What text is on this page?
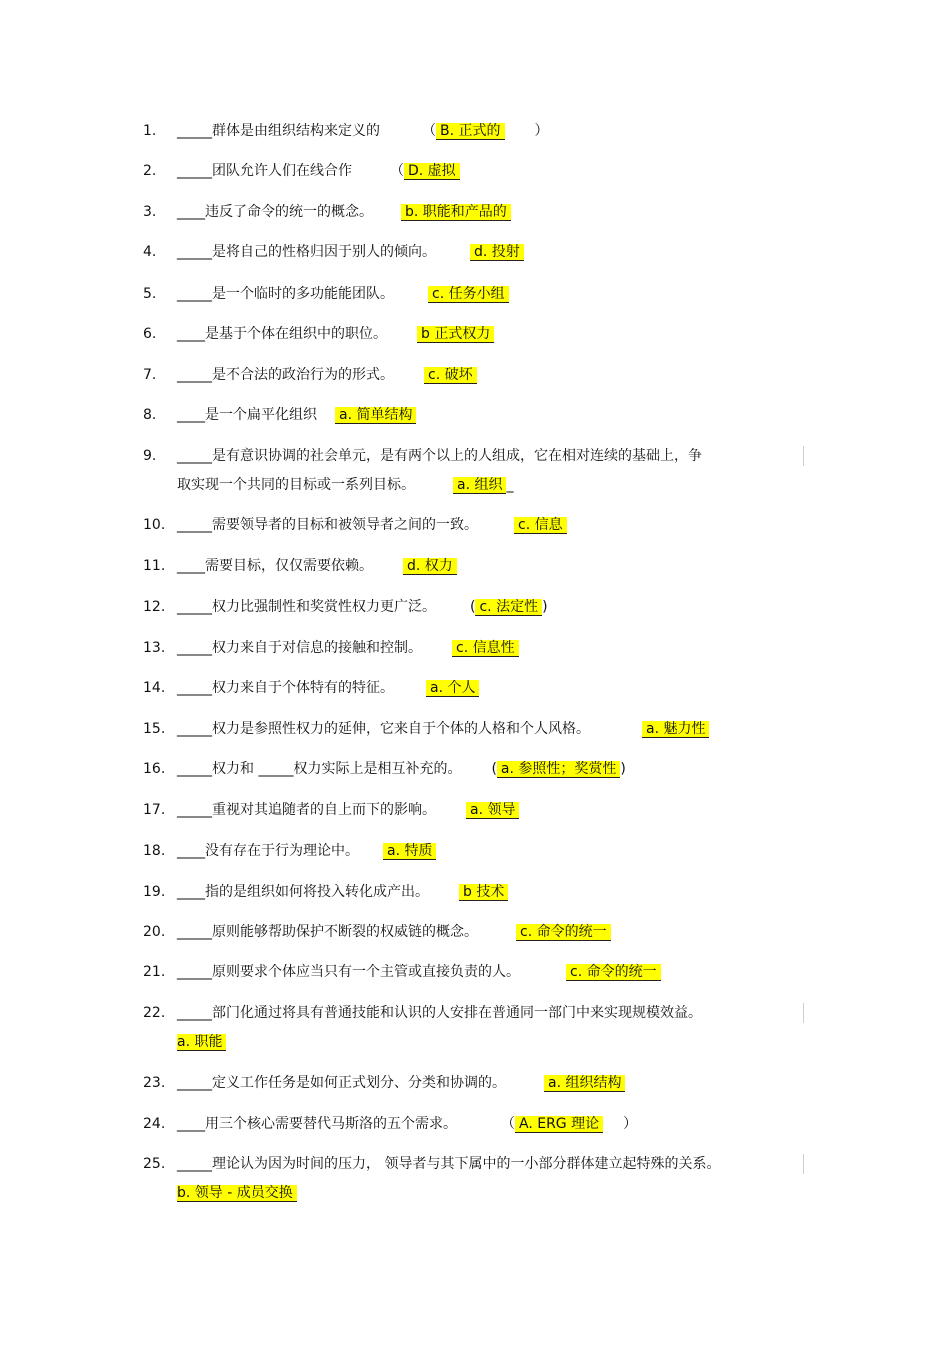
1. _____群体是由组织结构来定义的	（ B. 正式的 ）
2. _____团队允许人们在线合作	（ D. 虚拟
3. ____违反了命令的统一的概念。 b. 职能和产品的
4. _____是将自己的性格归因于别人的倾向。	d. 投射
5. _____是一个临时的多功能能团队。	c. 任务小组
6. ____是基于个体在组织中的职位。 b 正式权力
7. _____是不合法的政治行为的形式。 c. 破坏
8. ____是一个扁平化组织 a. 简单结构
9. _____是有意识协调的社会单元，是有两个以上的人组成，它在相对连续的基础上，争
取实现一个共同的目标或一系列目标。	a. 组织 _
10. _____需要领导者的目标和被领导者之间的一致。	c. 信息
11. ____需要目标，仅仅需要依赖。 d. 权力
12. _____权力比强制性和奖赏性权力更广泛。 ( c. 法定性 )
13. _____权力来自于对信息的接触和控制。 c. 信息性
14. _____权力来自于个体特有的特征。	a. 个人
15. _____权力是参照性权力的延伸，它来自于个体的人格和个人风格。	a. 魅力性
16. _____权力和 _____权力实际上是相互补充的。 ( a. 参照性；奖赏性 )
17. _____重视对其追随者的自上而下的影响。 a. 领导
18. ____没有存在于行为理论中。 a. 特质
19. ____指的是组织如何将投入转化成产出。 b 技术
20. _____原则能够帮助保护不断裂的权威链的概念。	c. 命令的统一
21. _____原则要求个体应当只有一个主管或直接负责的人。	c. 命令的统一
22. _____部门化通过将具有普通技能和认识的人安排在普通同一部门中来实现规模效益。
a. 职能
23. _____定义工作任务是如何正式划分、分类和协调的。	a. 组织结构
24. ____用三个核心需要替代马斯洛的五个需求。	（ A. ERG 理论 ）
25. _____理论认为因为时间的压力， 领导者与其下属中的一小部分群体建立起特殊的关系。
b. 领导 - 成员交换
